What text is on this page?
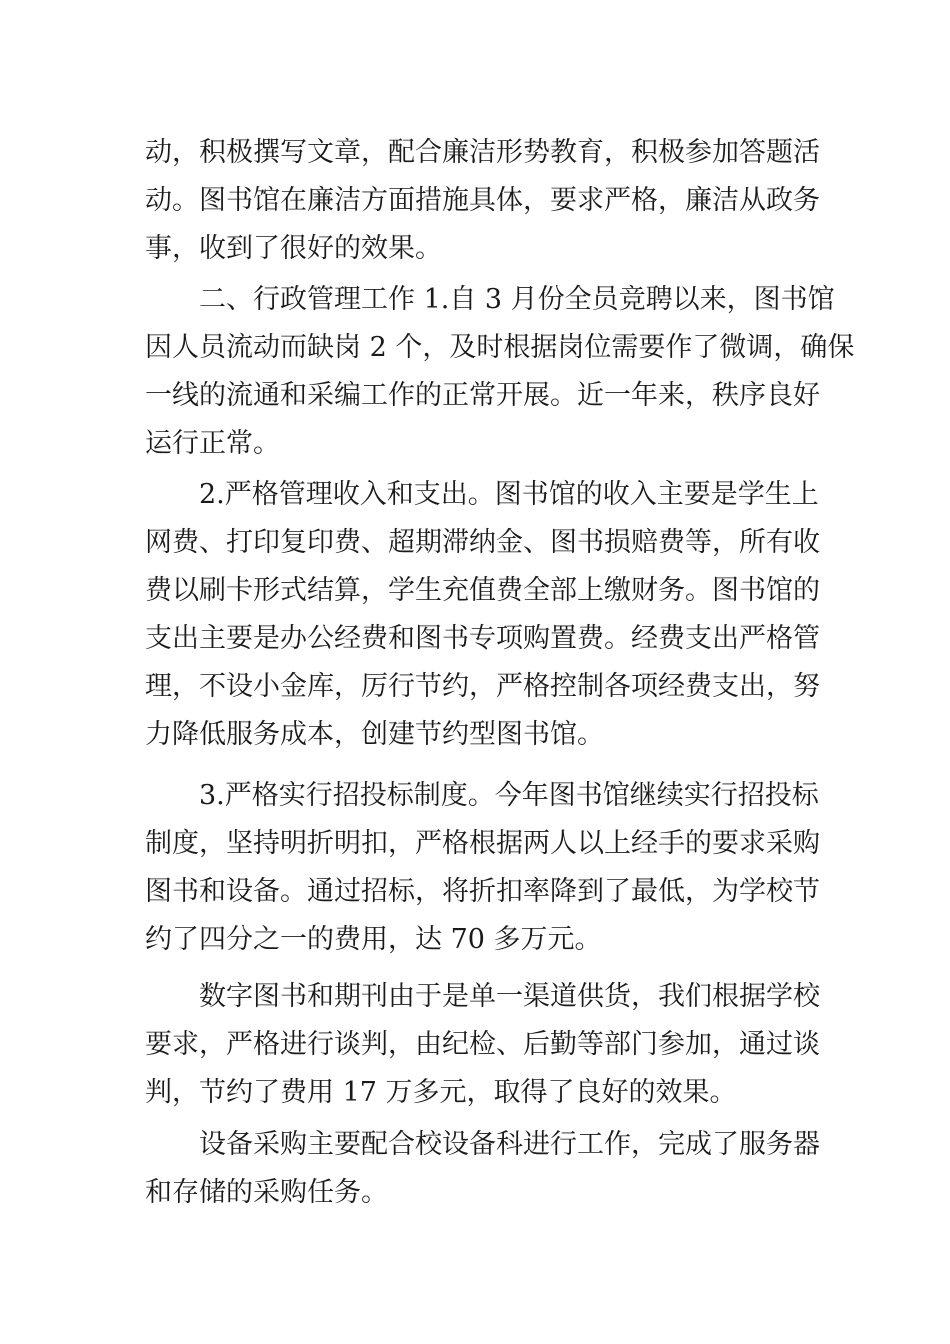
动，积极撰写文章，配合廉洁形势教育，积极参加答题活
动。图书馆在廉洁方面措施具体，要求严格，廉洁从政务
事，收到了很好的效果。
二、行政管理工作 1.自 3 月份全员竞聘以来，图书馆
因人员流动而缺岗 2 个，及时根据岗位需要作了微调，确保
一线的流通和采编工作的正常开展。近一年来，秩序良好
运行正常。
2.严格管理收入和支出。图书馆的收入主要是学生上
网费、打印复印费、超期滞纳金、图书损赔费等，所有收
费以刷卡形式结算，学生充值费全部上缴财务。图书馆的
支出主要是办公经费和图书专项购置费。经费支出严格管
理，不设小金库，厉行节约，严格控制各项经费支出，努
力降低服务成本，创建节约型图书馆。
3.严格实行招投标制度。今年图书馆继续实行招投标
制度，坚持明折明扣，严格根据两人以上经手的要求采购
图书和设备。通过招标，将折扣率降到了最低，为学校节
约了四分之一的费用，达 70 多万元。
数字图书和期刊由于是单一渠道供货，我们根据学校
要求，严格进行谈判，由纪检、后勤等部门参加，通过谈
判，节约了费用 17 万多元，取得了良好的效果。
设备采购主要配合校设备科进行工作，完成了服务器
和存储的采购任务。
